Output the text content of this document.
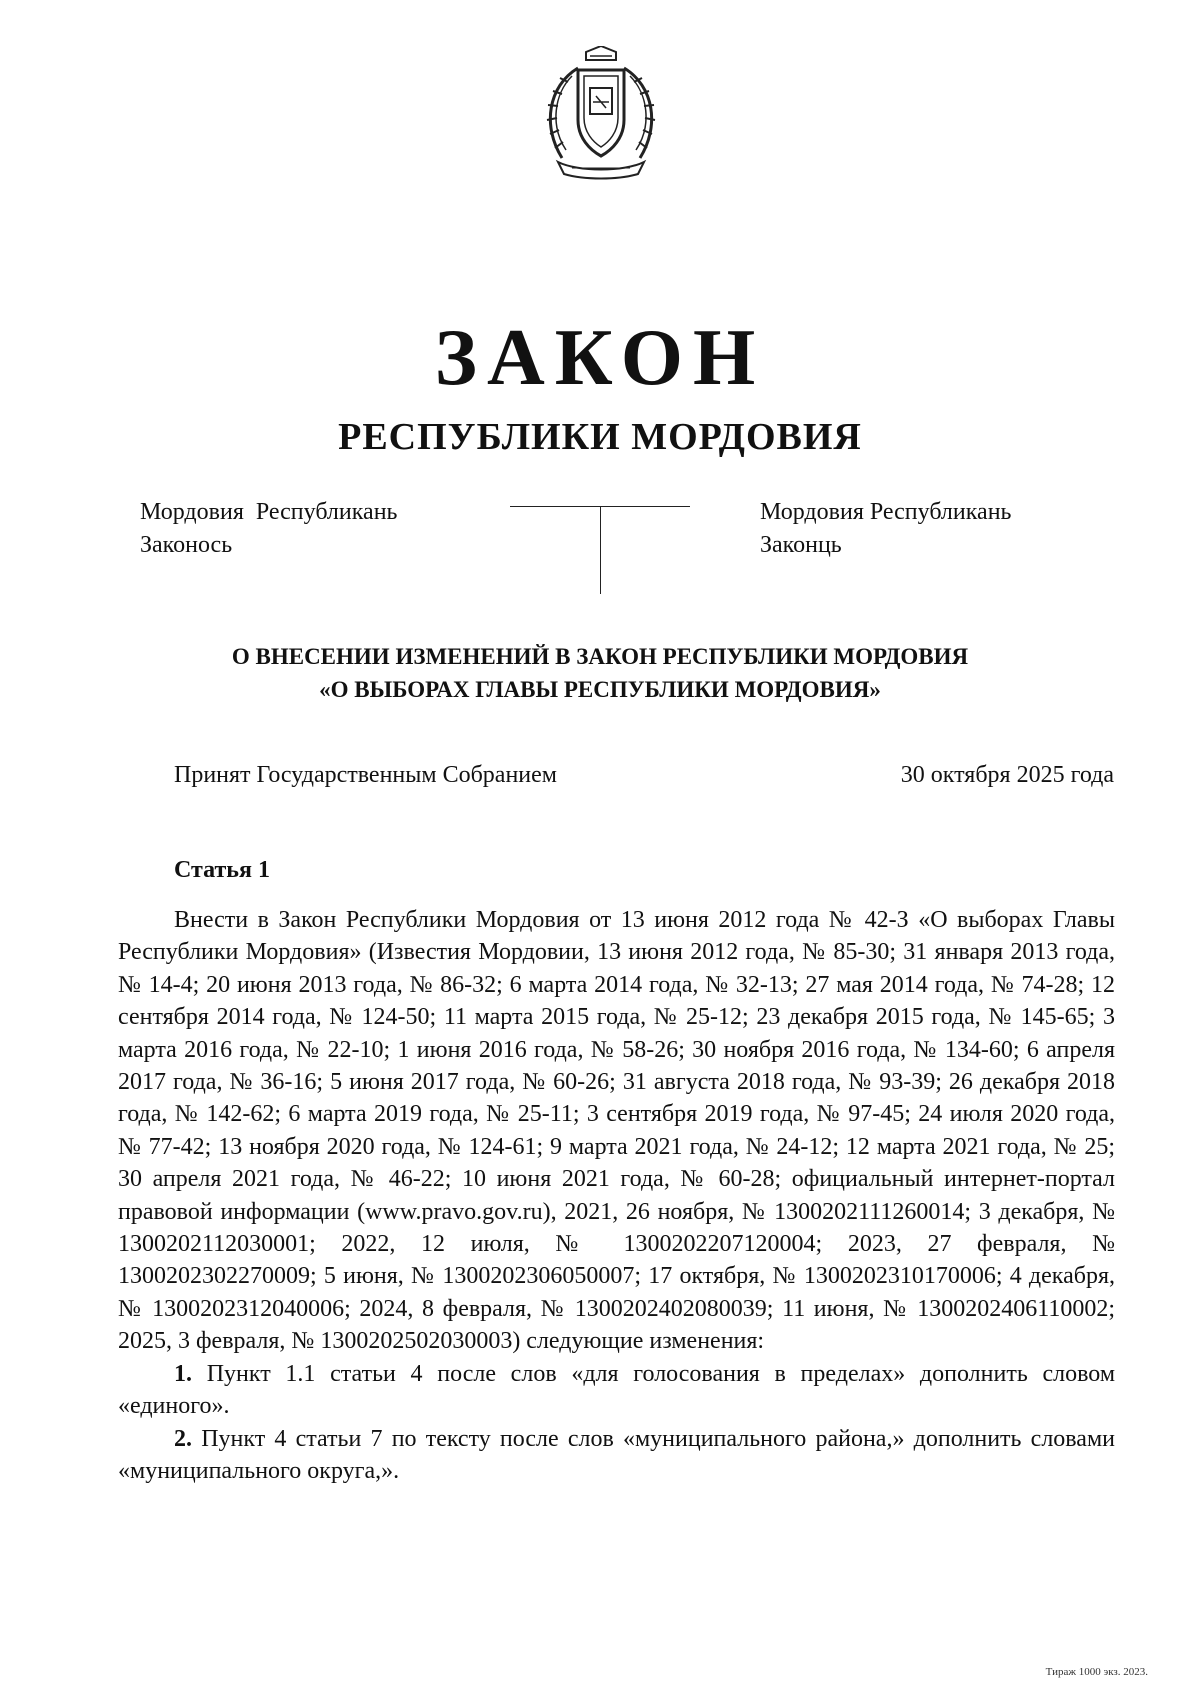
ЗАКОН
РЕСПУБЛИКИ МОРДОВИЯ
Мордовия  Республикань
Законось
Мордовия Республикань
Законць
О ВНЕСЕНИИ ИЗМЕНЕНИЙ В ЗАКОН РЕСПУБЛИКИ МОРДОВИЯ
«О ВЫБОРАХ ГЛАВЫ РЕСПУБЛИКИ МОРДОВИЯ»
Принят Государственным Собранием	30 октября 2025 года
Статья 1

Внести в Закон Республики Мордовия от 13 июня 2012 года № 42-З «О выборах Главы Республики Мордовия» (Известия Мордовии, 13 июня 2012 года, № 85-30; 31 января 2013 года, № 14-4; 20 июня 2013 года, № 86-32; 6 марта 2014 года, № 32-13; 27 мая 2014 года, № 74-28; 12 сентября 2014 года, № 124-50; 11 марта 2015 года, № 25-12; 23 декабря 2015 года, № 145-65; 3 марта 2016 года, № 22-10; 1 июня 2016 года, № 58-26; 30 ноября 2016 года, № 134-60; 6 апреля 2017 года, № 36-16; 5 июня 2017 года, № 60-26; 31 августа 2018 года, № 93-39; 26 декабря 2018 года, № 142-62; 6 марта 2019 года, № 25-11; 3 сентября 2019 года, № 97-45; 24 июля 2020 года, № 77-42; 13 ноября 2020 года, № 124-61; 9 марта 2021 года, № 24-12; 12 марта 2021 года, № 25; 30 апреля 2021 года, № 46-22; 10 июня 2021 года, № 60-28; официальный интернет-портал правовой информации (www.pravo.gov.ru), 2021, 26 ноября, № 1300202111260014; 3 декабря, № 1300202112030001; 2022, 12 июля, № 1300202207120004; 2023, 27 февраля, № 1300202302270009; 5 июня, № 1300202306050007; 17 октября, № 1300202310170006; 4 декабря, № 1300202312040006; 2024, 8 февраля, № 1300202402080039; 11 июня, № 1300202406110002; 2025, 3 февраля, № 1300202502030003) следующие изменения:

1. Пункт 1.1 статьи 4 после слов «для голосования в пределах» дополнить словом «единого».

2. Пункт 4 статьи 7 по тексту после слов «муниципального района,» дополнить словами «муниципального округа,».

Тираж 1000 экз. 2023.
